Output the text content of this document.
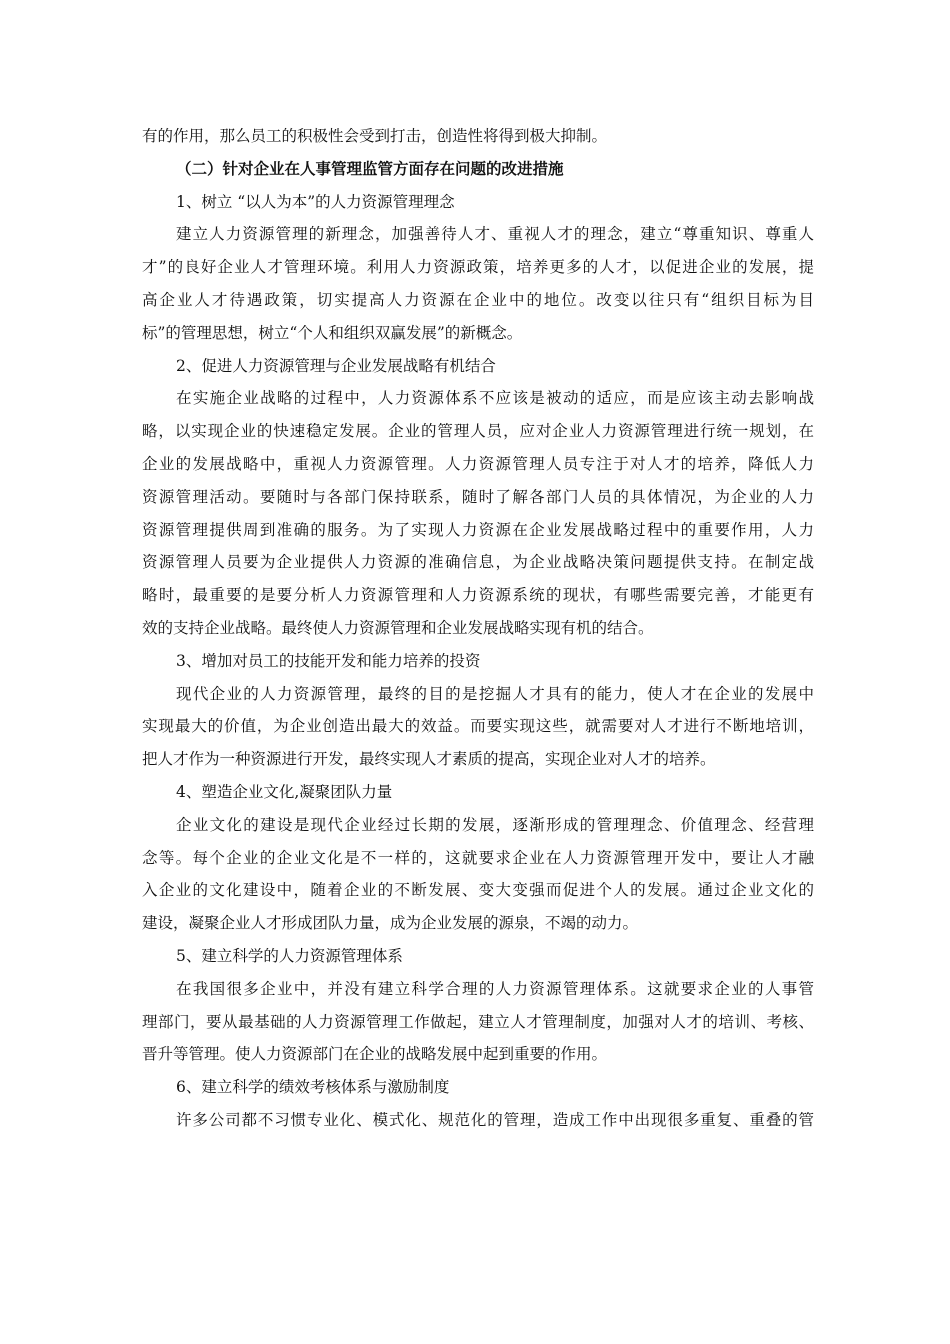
有的作用，那么员工的积极性会受到打击，创造性将得到极大抑制。
（二）针对企业在人事管理监管方面存在问题的改进措施
1、树立 “以人为本”的人力资源管理理念
建立人力资源管理的新理念，加强善待人才、重视人才的理念，建立“尊重知识、尊重人
才”的良好企业人才管理环境。利用人力资源政策，培养更多的人才，以促进企业的发展，提
高企业人才待遇政策，切实提高人力资源在企业中的地位。改变以往只有“组织目标为目
标”的管理思想，树立“个人和组织双赢发展”的新概念。
2、促进人力资源管理与企业发展战略有机结合
在实施企业战略的过程中，人力资源体系不应该是被动的适应，而是应该主动去影响战
略，以实现企业的快速稳定发展。企业的管理人员，应对企业人力资源管理进行统一规划，在
企业的发展战略中，重视人力资源管理。人力资源管理人员专注于对人才的培养，降低人力
资源管理活动。要随时与各部门保持联系，随时了解各部门人员的具体情况，为企业的人力
资源管理提供周到准确的服务。为了实现人力资源在企业发展战略过程中的重要作用，人力
资源管理人员要为企业提供人力资源的准确信息，为企业战略决策问题提供支持。在制定战
略时，最重要的是要分析人力资源管理和人力资源系统的现状，有哪些需要完善，才能更有
效的支持企业战略。最终使人力资源管理和企业发展战略实现有机的结合。
3、增加对员工的技能开发和能力培养的投资
现代企业的人力资源管理，最终的目的是挖掘人才具有的能力，使人才在企业的发展中
实现最大的价值，为企业创造出最大的效益。而要实现这些，就需要对人才进行不断地培训，
把人才作为一种资源进行开发，最终实现人才素质的提高，实现企业对人才的培养。
4、塑造企业文化,凝聚团队力量
企业文化的建设是现代企业经过长期的发展，逐渐形成的管理理念、价值理念、经营理
念等。每个企业的企业文化是不一样的，这就要求企业在人力资源管理开发中，要让人才融
入企业的文化建设中，随着企业的不断发展、变大变强而促进个人的发展。通过企业文化的
建设，凝聚企业人才形成团队力量，成为企业发展的源泉，不竭的动力。
5、建立科学的人力资源管理体系
在我国很多企业中，并没有建立科学合理的人力资源管理体系。这就要求企业的人事管
理部门，要从最基础的人力资源管理工作做起，建立人才管理制度，加强对人才的培训、考核、
晋升等管理。使人力资源部门在企业的战略发展中起到重要的作用。
6、建立科学的绩效考核体系与激励制度
许多公司都不习惯专业化、模式化、规范化的管理，造成工作中出现很多重复、重叠的管
